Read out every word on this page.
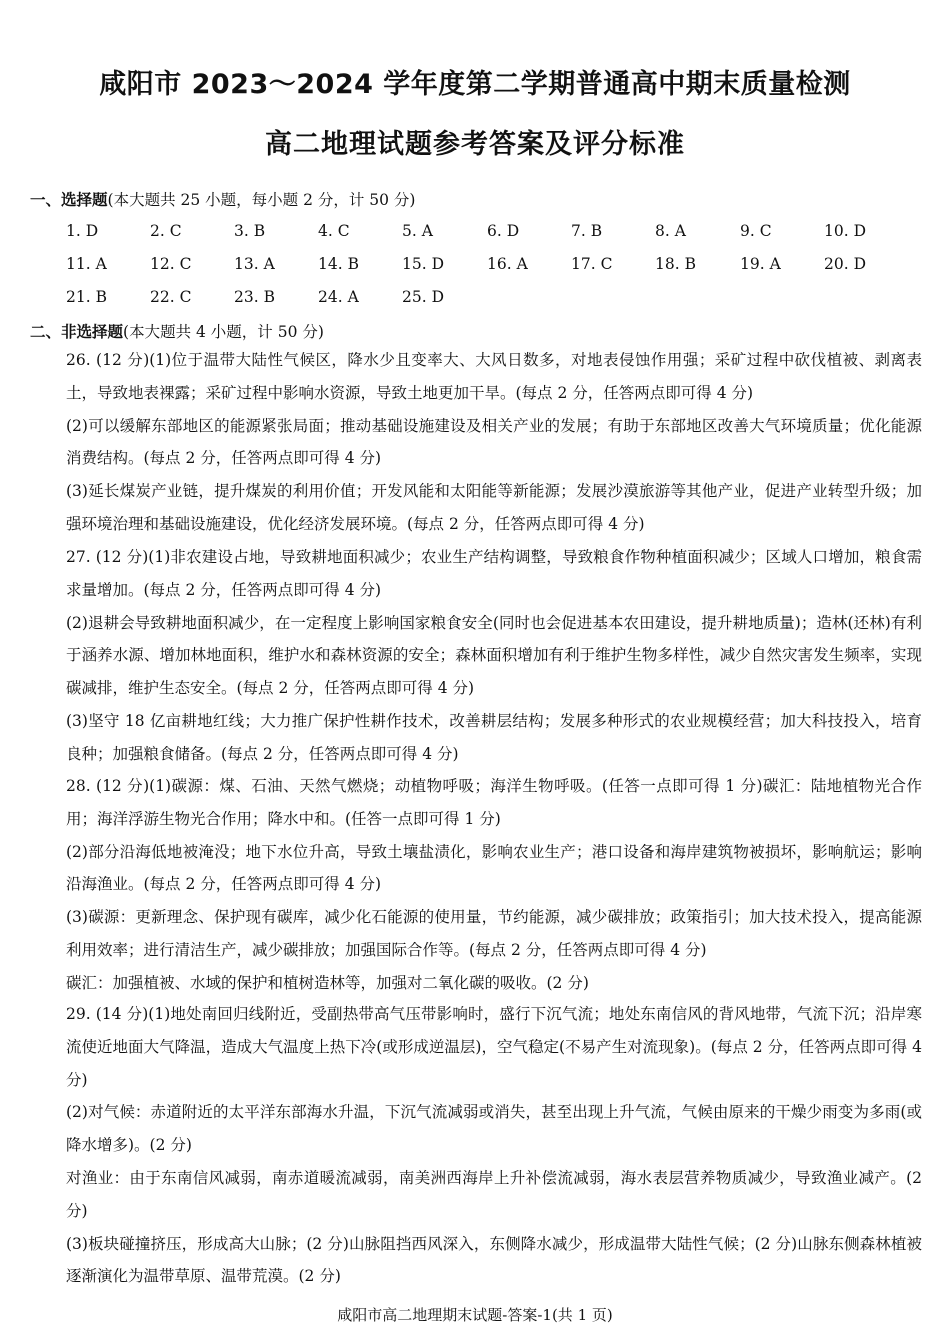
咸阳市 2023～2024 学年度第二学期普通高中期末质量检测
高二地理试题参考答案及评分标准
一、选择题(本大题共 25 小题，每小题 2 分，计 50 分)
1. D	2. C	3. B	4. C	5. A	6. D	7. B	8. A	9. C	10. D
11. A	12. C	13. A	14. B	15. D	16. A	17. C	18. B	19. A	20. D
21. B	22. C	23. B	24. A	25. D
二、非选择题(本大题共 4 小题，计 50 分)

26. (12 分)(1)位于温带大陆性气候区，降水少且变率大、大风日数多，对地表侵蚀作用强；采矿过程中砍伐植被、剥离表土，导致地表裸露；采矿过程中影响水资源，导致土地更加干旱。(每点 2 分，任答两点即可得 4 分)

(2)可以缓解东部地区的能源紧张局面；推动基础设施建设及相关产业的发展；有助于东部地区改善大气环境质量；优化能源消费结构。(每点 2 分，任答两点即可得 4 分)

(3)延长煤炭产业链，提升煤炭的利用价值；开发风能和太阳能等新能源；发展沙漠旅游等其他产业，促进产业转型升级；加强环境治理和基础设施建设，优化经济发展环境。(每点 2 分，任答两点即可得 4 分)

27. (12 分)(1)非农建设占地，导致耕地面积减少；农业生产结构调整，导致粮食作物种植面积减少；区域人口增加，粮食需求量增加。(每点 2 分，任答两点即可得 4 分)

(2)退耕会导致耕地面积减少，在一定程度上影响国家粮食安全(同时也会促进基本农田建设，提升耕地质量)；造林(还林)有利于涵养水源、增加林地面积，维护水和森林资源的安全；森林面积增加有利于维护生物多样性，减少自然灾害发生频率，实现碳减排，维护生态安全。(每点 2 分，任答两点即可得 4 分)

(3)坚守 18 亿亩耕地红线；大力推广保护性耕作技术，改善耕层结构；发展多种形式的农业规模经营；加大科技投入，培育良种；加强粮食储备。(每点 2 分，任答两点即可得 4 分)

28. (12 分)(1)碳源：煤、石油、天然气燃烧；动植物呼吸；海洋生物呼吸。(任答一点即可得 1 分)碳汇：陆地植物光合作用；海洋浮游生物光合作用；降水中和。(任答一点即可得 1 分)

(2)部分沿海低地被淹没；地下水位升高，导致土壤盐渍化，影响农业生产；港口设备和海岸建筑物被损坏，影响航运；影响沿海渔业。(每点 2 分，任答两点即可得 4 分)

(3)碳源：更新理念、保护现有碳库，减少化石能源的使用量，节约能源，减少碳排放；政策指引；加大技术投入，提高能源利用效率；进行清洁生产，减少碳排放；加强国际合作等。(每点 2 分，任答两点即可得 4 分)

碳汇：加强植被、水域的保护和植树造林等，加强对二氧化碳的吸收。(2 分)

29. (14 分)(1)地处南回归线附近，受副热带高气压带影响时，盛行下沉气流；地处东南信风的背风地带，气流下沉；沿岸寒流使近地面大气降温，造成大气温度上热下冷(或形成逆温层)，空气稳定(不易产生对流现象)。(每点 2 分，任答两点即可得 4 分)

(2)对气候：赤道附近的太平洋东部海水升温，下沉气流减弱或消失，甚至出现上升气流，气候由原来的干燥少雨变为多雨(或降水增多)。(2 分)

对渔业：由于东南信风减弱，南赤道暖流减弱，南美洲西海岸上升补偿流减弱，海水表层营养物质减少，导致渔业减产。(2 分)

(3)板块碰撞挤压，形成高大山脉；(2 分)山脉阻挡西风深入，东侧降水减少，形成温带大陆性气候；(2 分)山脉东侧森林植被逐渐演化为温带草原、温带荒漠。(2 分)

咸阳市高二地理期末试题-答案-1(共 1 页)
